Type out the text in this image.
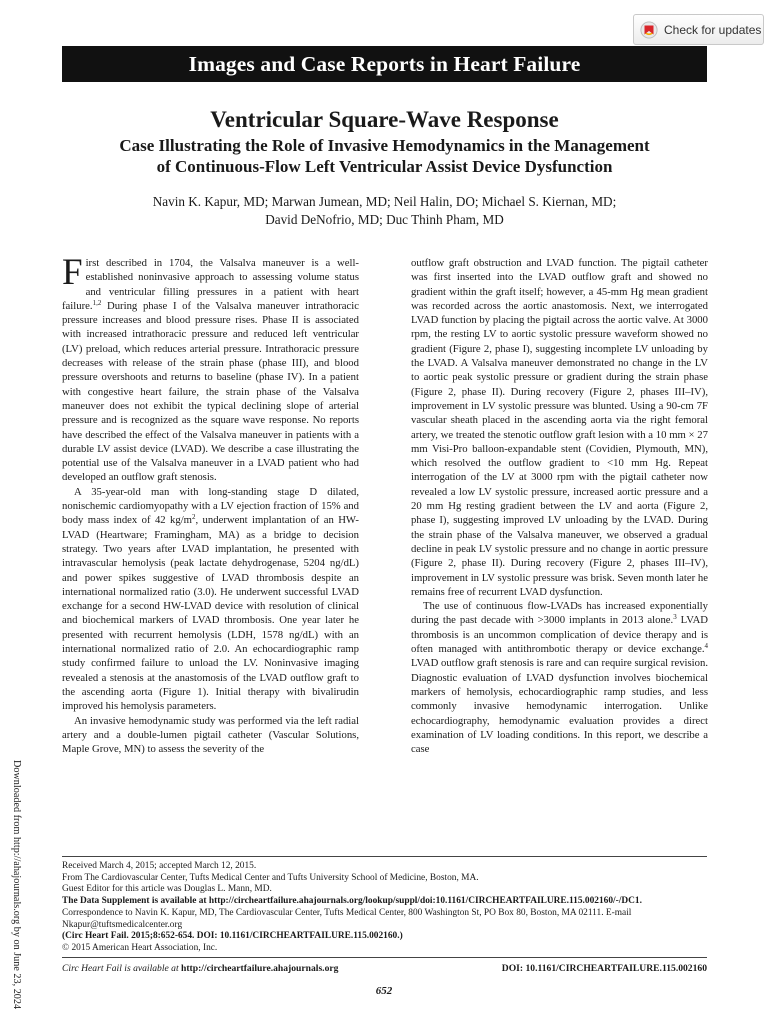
Check for updates
Images and Case Reports in Heart Failure
Ventricular Square-Wave Response
Case Illustrating the Role of Invasive Hemodynamics in the Management
of Continuous-Flow Left Ventricular Assist Device Dysfunction

Navin K. Kapur, MD; Marwan Jumean, MD; Neil Halin, DO; Michael S. Kiernan, MD;
David DeNofrio, MD; Duc Thinh Pham, MD

Downloaded from http://ahajournals.org by on June 23, 2024

First described in 1704, the Valsalva maneuver is a well-established noninvasive approach to assessing volume status and ventricular filling pressures in a patient with heart failure.$^{1,2}$ During phase I of the Valsalva maneuver intrathoracic pressure increases and blood pressure rises. Phase II is associated with increased intrathoracic pressure and reduced left ventricular (LV) preload, which reduces arterial pressure. Intrathoracic pressure decreases with release of the strain phase (phase III), and blood pressure overshoots and returns to baseline (phase IV). In a patient with congestive heart failure, the strain phase of the Valsalva maneuver does not exhibit the typical declining slope of arterial pressure and is recognized as the square wave response. No reports have described the effect of the Valsalva maneuver in patients with a durable LV assist device (LVAD). We describe a case illustrating the potential use of the Valsalva maneuver in a LVAD patient who had developed an outflow graft stenosis.

A 35-year-old man with long-standing stage D dilated, nonischemic cardiomyopathy with a LV ejection fraction of 15% and body mass index of 42 $kg/m^2$, underwent implantation of an HW-LVAD (Heartware; Framingham, MA) as a bridge to decision strategy. Two years after LVAD implantation, he presented with intravascular hemolysis (peak lactate dehydrogenase, 5204 ng/dL) and power spikes suggestive of LVAD thrombosis despite an international normalized ratio (3.0). He underwent successful LVAD exchange for a second HW-LVAD device with resolution of clinical and biochemical markers of LVAD thrombosis. One year later he presented with recurrent hemolysis (LDH, 1578 ng/dL) with an international normalized ratio of 2.0. An echocardiographic ramp study confirmed failure to unload the LV. Noninvasive imaging revealed a stenosis at the anastomosis of the LVAD outflow graft to the ascending aorta (Figure 1). Initial therapy with bivalirudin improved his hemolysis parameters.

An invasive hemodynamic study was performed via the left radial artery and a double-lumen pigtail catheter (Vascular Solutions, Maple Grove, MN) to assess the severity of the

outflow graft obstruction and LVAD function. The pigtail catheter was first inserted into the LVAD outflow graft and showed no gradient within the graft itself; however, a 45-mm Hg mean gradient was recorded across the aortic anastomosis. Next, we interrogated LVAD function by placing the pigtail across the aortic valve. At 3000 rpm, the resting LV to aortic systolic pressure waveform showed no gradient (Figure 2, phase I), suggesting incomplete LV unloading by the LVAD. A Valsalva maneuver demonstrated no change in the LV to aortic peak systolic pressure or gradient during the strain phase (Figure 2, phase II). During recovery (Figure 2, phases III–IV), improvement in LV systolic pressure was blunted. Using a 90-cm 7F vascular sheath placed in the ascending aorta via the right femoral artery, we treated the stenotic outflow graft lesion with a 10 mm × 27 mm Visi-Pro balloon-expandable stent (Covidien, Plymouth, MN), which resolved the outflow gradient to <10 mm Hg. Repeat interrogation of the LV at 3000 rpm with the pigtail catheter now revealed a low LV systolic pressure, increased aortic pressure and a 20 mm Hg resting gradient between the LV and aorta (Figure 2, phase I), suggesting improved LV unloading by the LVAD. During the strain phase of the Valsalva maneuver, we observed a gradual decline in peak LV systolic pressure and no change in aortic pressure (Figure 2, phase II). During recovery (Figure 2, phases III–IV), improvement in LV systolic pressure was brisk. Seven month later he remains free of recurrent LVAD dysfunction.

The use of continuous flow-LVADs has increased exponentially during the past decade with >3000 implants in 2013 alone.$^3$ LVAD thrombosis is an uncommon complication of device therapy and is often managed with antithrombotic therapy or device exchange.$^4$ LVAD outflow graft stenosis is rare and can require surgical revision. Diagnostic evaluation of LVAD dysfunction involves biochemical markers of hemolysis, echocardiographic ramp studies, and less commonly invasive hemodynamic interrogation. Unlike echocardiography, hemodynamic evaluation provides a direct examination of LV loading conditions. In this report, we describe a case

Received March 4, 2015; accepted March 12, 2015.

From The Cardiovascular Center, Tufts Medical Center and Tufts University School of Medicine, Boston, MA.

Guest Editor for this article was Douglas L. Mann, MD.

The Data Supplement is available at http://circheartfailure.ahajournals.org/lookup/suppl/doi:10.1161/CIRCHEARTFAILURE.115.002160/-/DC1.

Correspondence to Navin K. Kapur, MD, The Cardiovascular Center, Tufts Medical Center, 800 Washington St, PO Box 80, Boston, MA 02111. E-mail

Nkapur@tuftsmedicalcenter.org

(Circ Heart Fail. 2015;8:652-654. DOI: 10.1161/CIRCHEARTFAILURE.115.002160.)

© 2015 American Heart Association, Inc.

Circ Heart Fail is available at http://circheartfailure.ahajournals.org	DOI: 10.1161/CIRCHEARTFAILURE.115.002160
652
